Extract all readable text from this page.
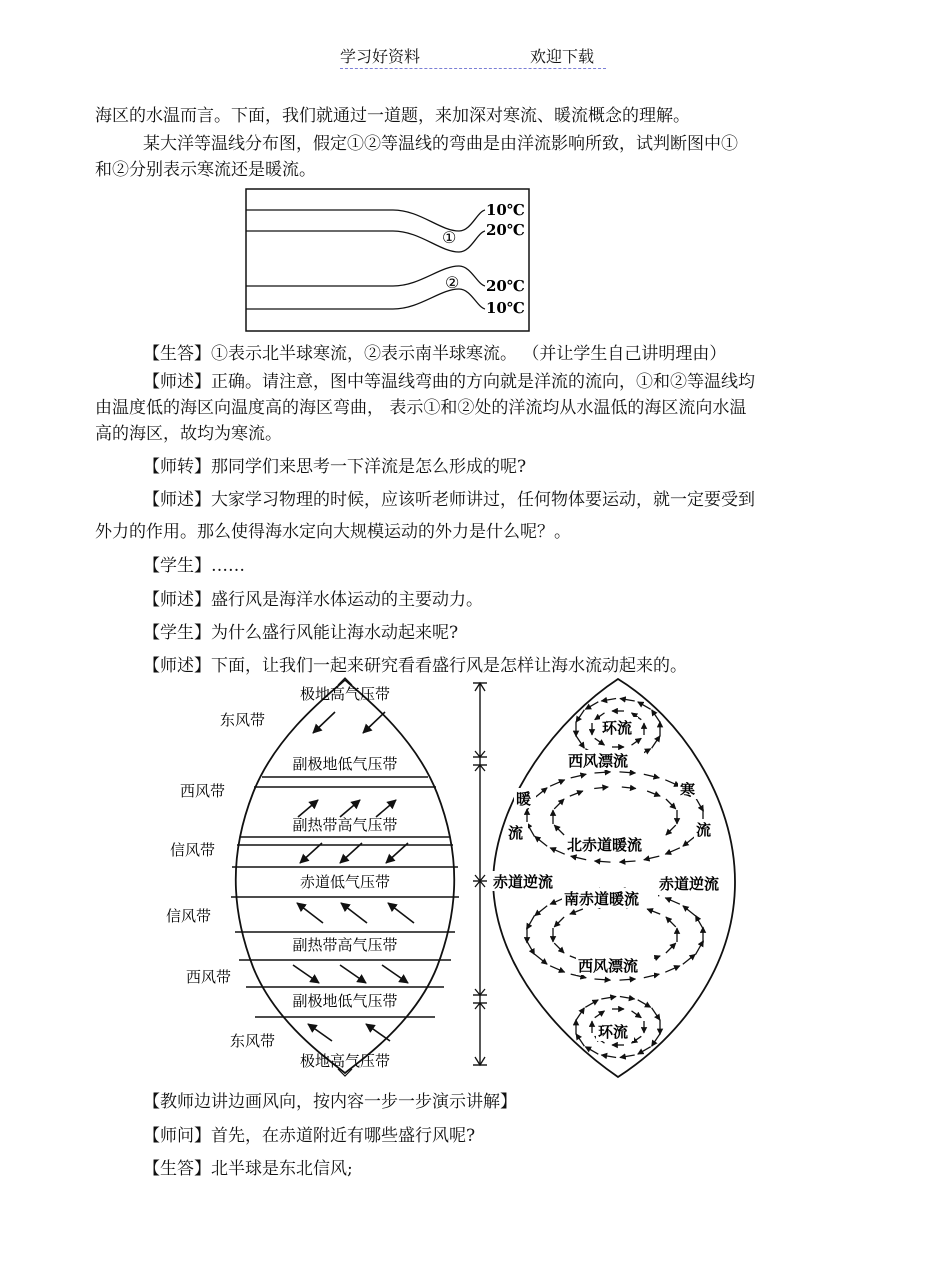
学习好资料	欢迎下载
海区的水温而言。下面，我们就通过一道题，来加深对寒流、暖流概念的理解。
某大洋等温线分布图，假定①②等温线的弯曲是由洋流影响所致，试判断图中①
和②分别表示寒流还是暖流。
10℃
20℃
20℃
10℃
①
②
【生答】①表示北半球寒流，②表示南半球寒流。 （并让学生自己讲明理由）
【师述】正确。请注意，图中等温线弯曲的方向就是洋流的流向，①和②等温线均
由温度低的海区向温度高的海区弯曲， 表示①和②处的洋流均从水温低的海区流向水温
高的海区，故均为寒流。
【师转】那同学们来思考一下洋流是怎么形成的呢?
【师述】大家学习物理的时候，应该听老师讲过，任何物体要运动，就一定要受到
外力的作用。那么使得海水定向大规模运动的外力是什么呢？。
【学生】……
【师述】盛行风是海洋水体运动的主要动力。
【学生】为什么盛行风能让海水动起来呢?
【师述】下面，让我们一起来研究看看盛行风是怎样让海水流动起来的。
极地高气压带
副极地低气压带
副热带高气压带
赤道低气压带
副热带高气压带
副极地低气压带
极地高气压带
东风带
西风带
信风带
信风带
西风带
东风带
环流
西风漂流
暖
流
寒
流
北赤道暖流
赤道逆流	赤道逆流
南赤道暖流
西风漂流
环流
【教师边讲边画风向，按内容一步一步演示讲解】
【师问】首先，在赤道附近有哪些盛行风呢?
【生答】北半球是东北信风;
